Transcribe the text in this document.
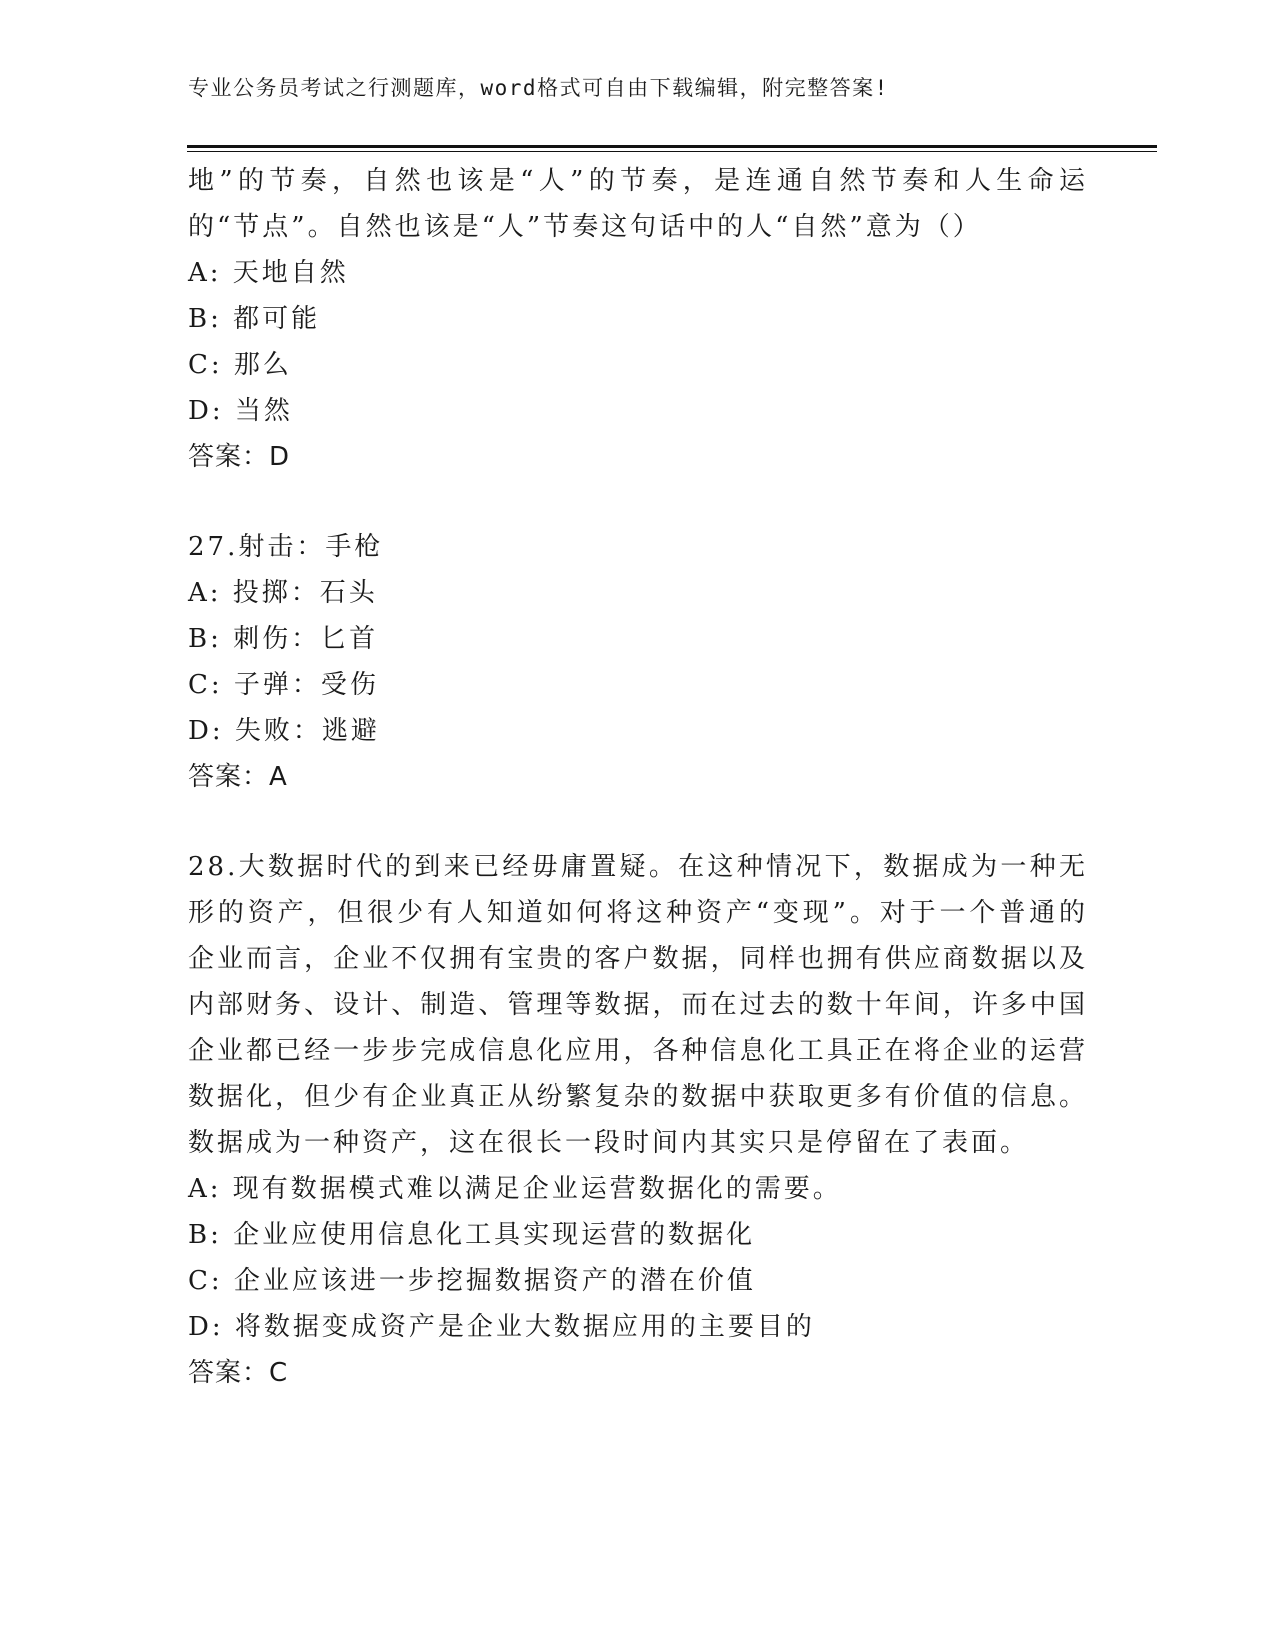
专业公务员考试之行测题库，word格式可自由下载编辑，附完整答案!
地”的节奏，自然也该是“人”的节奏，是连通自然节奏和人生命运的“节点”。自然也该是“人”节奏这句话中的人“自然”意为（）
A: 天地自然
B: 都可能
C: 那么
D: 当然
答案：D
27.射击：手枪
A: 投掷：石头
B: 刺伤：匕首
C: 子弹：受伤
D: 失败：逃避
答案：A
28.大数据时代的到来已经毋庸置疑。在这种情况下，数据成为一种无形的资产，但很少有人知道如何将这种资产“变现”。对于一个普通的企业而言，企业不仅拥有宝贵的客户数据，同样也拥有供应商数据以及内部财务、设计、制造、管理等数据，而在过去的数十年间，许多中国企业都已经一步步完成信息化应用，各种信息化工具正在将企业的运营数据化，但少有企业真正从纷繁复杂的数据中获取更多有价值的信息。数据成为一种资产，这在很长一段时间内其实只是停留在了表面。
A: 现有数据模式难以满足企业运营数据化的需要。
B: 企业应使用信息化工具实现运营的数据化
C: 企业应该进一步挖掘数据资产的潜在价值
D: 将数据变成资产是企业大数据应用的主要目的
答案：C
